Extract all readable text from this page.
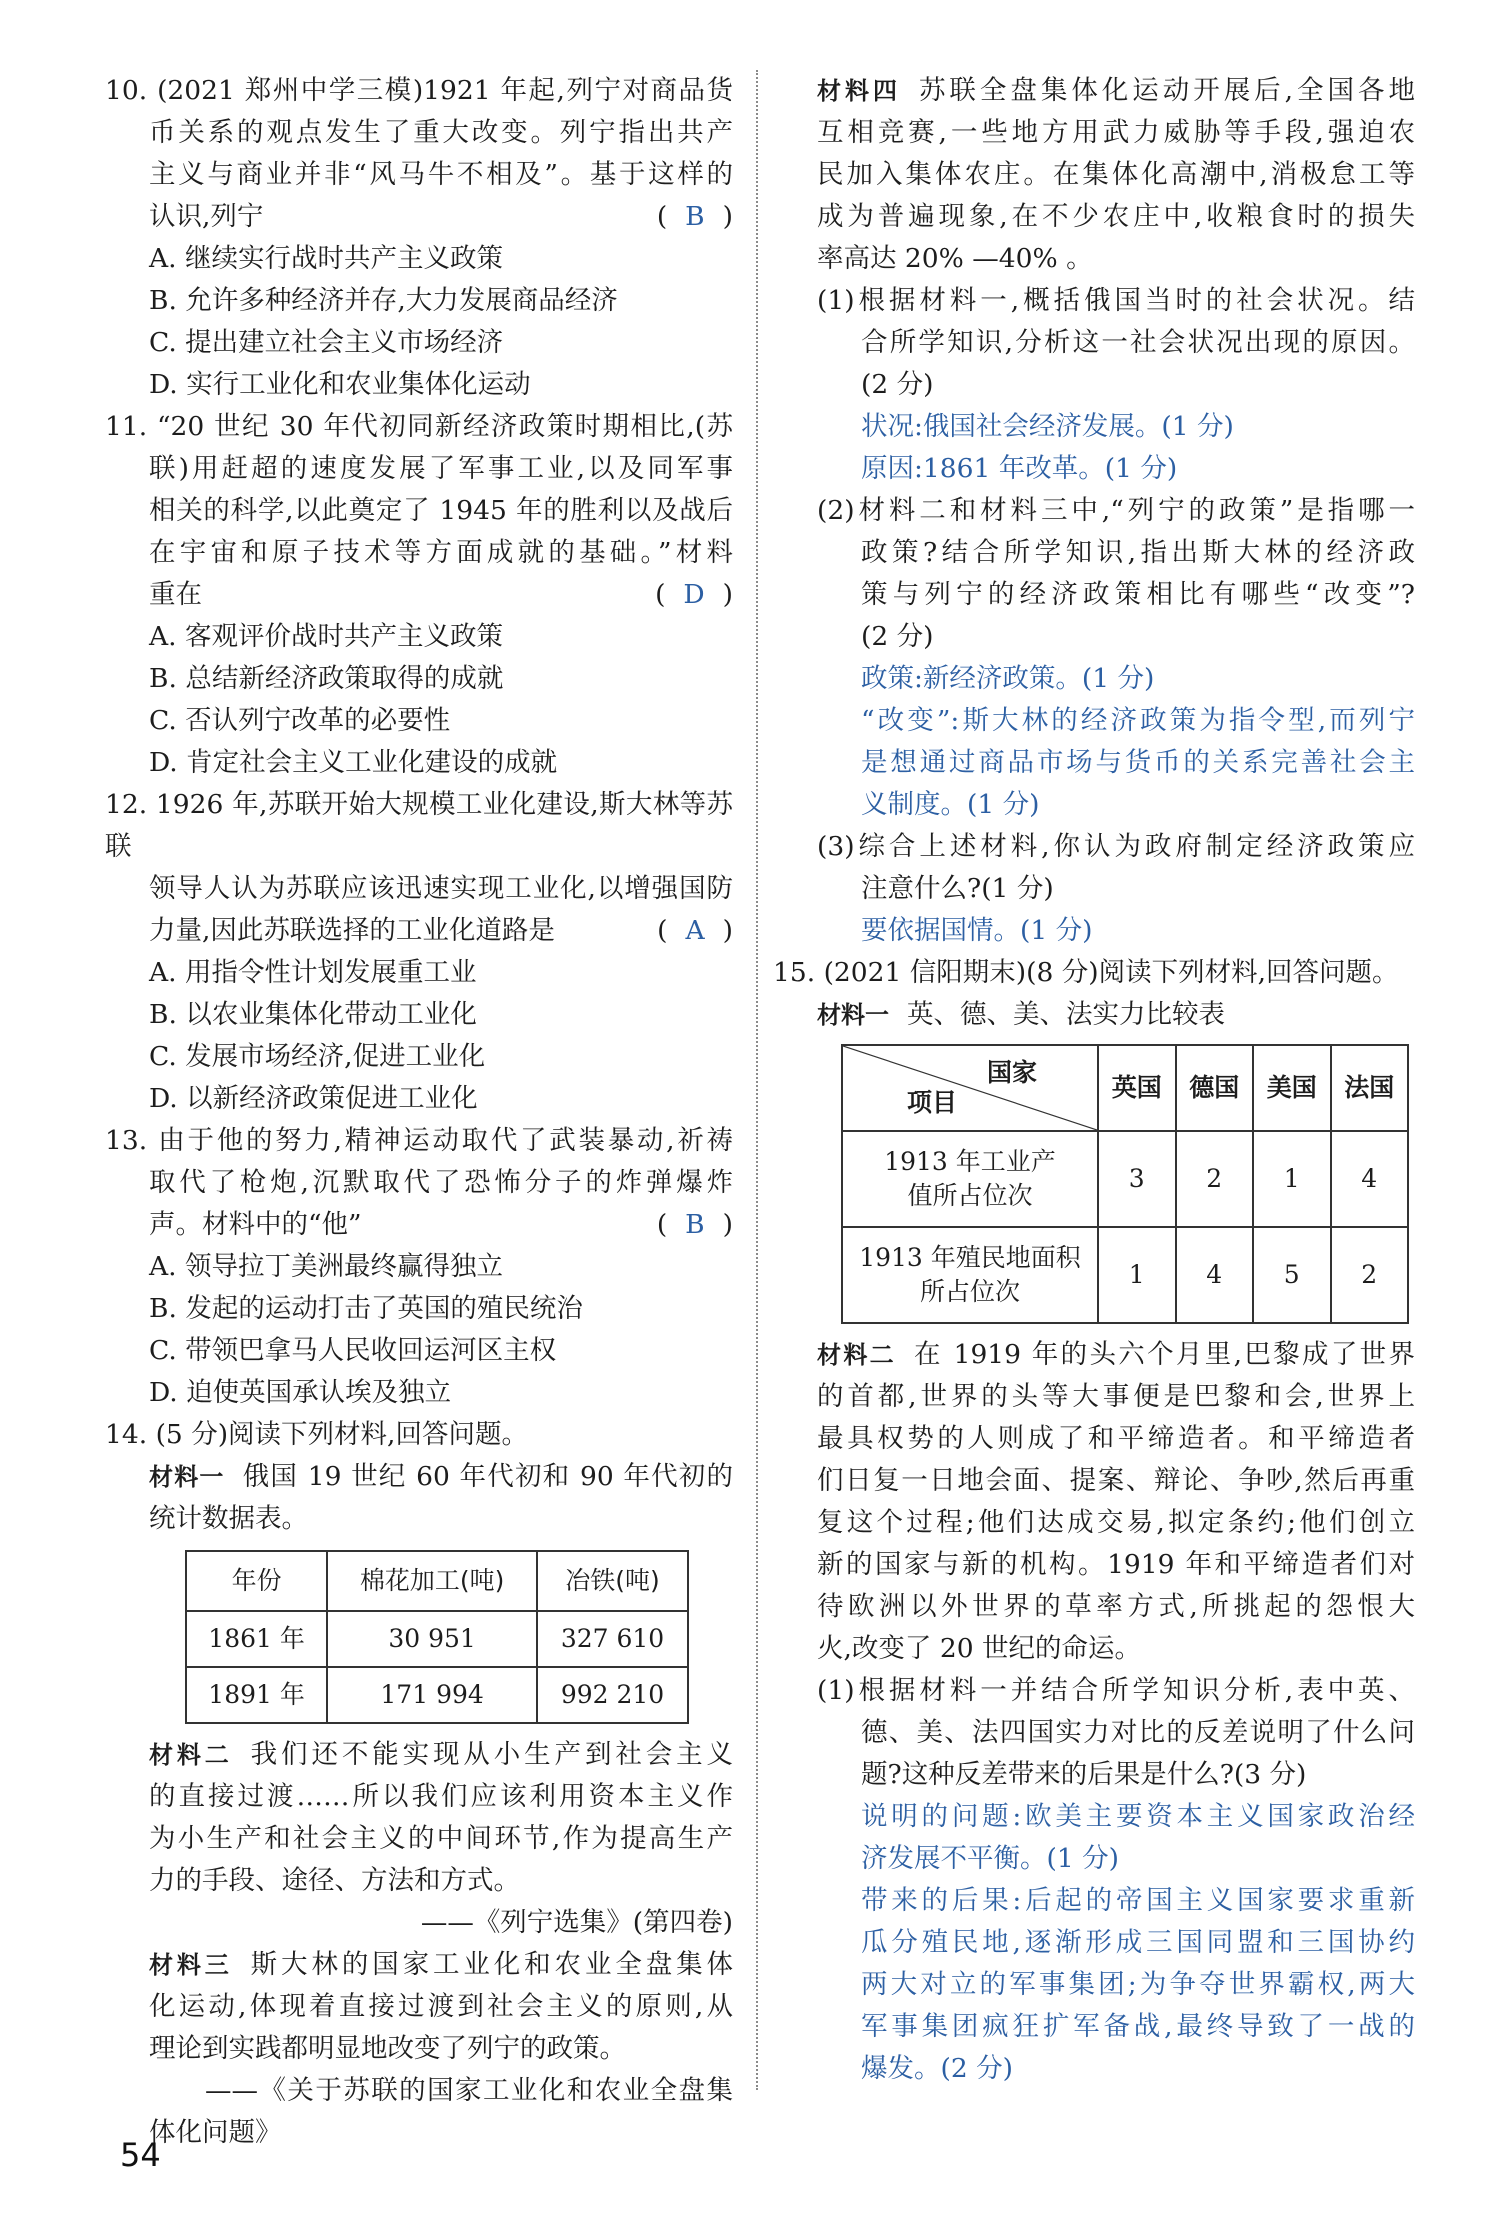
10. (2021 郑州中学三模)1921 年起,列宁对商品货
币关系的观点发生了重大改变。列宁指出共产
主义与商业并非“风马牛不相及”。基于这样的
认识,列宁	( B )
A. 继续实行战时共产主义政策
B. 允许多种经济并存,大力发展商品经济
C. 提出建立社会主义市场经济
D. 实行工业化和农业集体化运动
11. “20 世纪 30 年代初同新经济政策时期相比,(苏
联)用赶超的速度发展了军事工业,以及同军事
相关的科学,以此奠定了 1945 年的胜利以及战后
在宇宙和原子技术等方面成就的基础。”材料
重在	( D )
A. 客观评价战时共产主义政策
B. 总结新经济政策取得的成就
C. 否认列宁改革的必要性
D. 肯定社会主义工业化建设的成就
12. 1926 年,苏联开始大规模工业化建设,斯大林等苏联
领导人认为苏联应该迅速实现工业化,以增强国防
力量,因此苏联选择的工业化道路是	( A )
A. 用指令性计划发展重工业
B. 以农业集体化带动工业化
C. 发展市场经济,促进工业化
D. 以新经济政策促进工业化
13. 由于他的努力,精神运动取代了武装暴动,祈祷
取代了枪炮,沉默取代了恐怖分子的炸弹爆炸
声。材料中的“他”	( B )
A. 领导拉丁美洲最终赢得独立
B. 发起的运动打击了英国的殖民统治
C. 带领巴拿马人民收回运河区主权
D. 迫使英国承认埃及独立
14. (5 分)阅读下列材料,回答问题。
材料一 俄国 19 世纪 60 年代初和 90 年代初的
统计数据表。
年份	棉花加工(吨)	冶铁(吨)
1861 年	30 951	327 610
1891 年	171 994	992 210
材料二 我们还不能实现从小生产到社会主义
的直接过渡……所以我们应该利用资本主义作
为小生产和社会主义的中间环节,作为提高生产
力的手段、途径、方法和方式。
——《列宁选集》(第四卷)
材料三 斯大林的国家工业化和农业全盘集体
化运动,体现着直接过渡到社会主义的原则,从
理论到实践都明显地改变了列宁的政策。
——《关于苏联的国家工业化和农业全盘集
体化问题》
材料四 苏联全盘集体化运动开展后,全国各地
互相竞赛,一些地方用武力威胁等手段,强迫农
民加入集体农庄。在集体化高潮中,消极怠工等
成为普遍现象,在不少农庄中,收粮食时的损失
率高达 20% —40% 。
(1)根据材料一,概括俄国当时的社会状况。结
合所学知识,分析这一社会状况出现的原因。
(2 分)
状况:俄国社会经济发展。(1 分)
原因:1861 年改革。(1 分)
(2)材料二和材料三中,“列宁的政策”是指哪一
政策?结合所学知识,指出斯大林的经济政
策与列宁的经济政策相比有哪些“改变”?
(2 分)
政策:新经济政策。(1 分)
“改变”:斯大林的经济政策为指令型,而列宁
是想通过商品市场与货币的关系完善社会主
义制度。(1 分)
(3)综合上述材料,你认为政府制定经济政策应
注意什么?(1 分)
要依据国情。(1 分)
15. (2021 信阳期末)(8 分)阅读下列材料,回答问题。
材料一 英、德、美、法实力比较表
国家
项目	英国	德国	美国	法国

1913 年工业产
值所占位次	3	2	1	4

1913 年殖民地面积
所占位次	1	4	5	2
材料二 在 1919 年的头六个月里,巴黎成了世界
的首都,世界的头等大事便是巴黎和会,世界上
最具权势的人则成了和平缔造者。和平缔造者
们日复一日地会面、提案、辩论、争吵,然后再重
复这个过程;他们达成交易,拟定条约;他们创立
新的国家与新的机构。1919 年和平缔造者们对
待欧洲以外世界的草率方式,所挑起的怨恨大
火,改变了 20 世纪的命运。
(1)根据材料一并结合所学知识分析,表中英、
德、美、法四国实力对比的反差说明了什么问
题?这种反差带来的后果是什么?(3 分)
说明的问题:欧美主要资本主义国家政治经
济发展不平衡。(1 分)
带来的后果:后起的帝国主义国家要求重新
瓜分殖民地,逐渐形成三国同盟和三国协约
两大对立的军事集团;为争夺世界霸权,两大
军事集团疯狂扩军备战,最终导致了一战的
爆发。(2 分)
54
